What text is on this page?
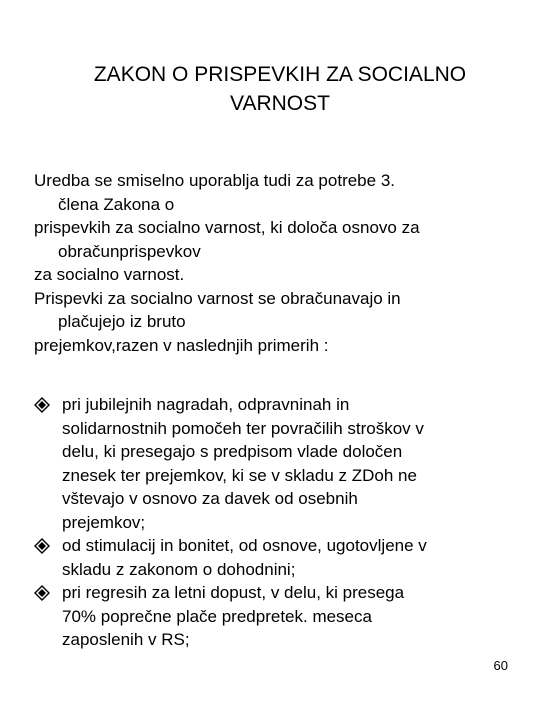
ZAKON O PRISPEVKIH ZA SOCIALNO
VARNOST
Uredba se smiselno uporablja tudi za potrebe 3.
člena Zakona o
prispevkih za socialno varnost, ki določa osnovo za
obračunprispevkov
za socialno varnost.
Prispevki za socialno varnost se obračunavajo in
plačujejo iz bruto
prejemkov,razen v naslednjih primerih :
pri jubilejnih nagradah, odpravninah in
solidarnostnih pomočeh ter povračilih stroškov v
delu, ki presegajo s predpisom vlade določen
znesek ter prejemkov, ki se v skladu z ZDoh ne
vštevajo v osnovo za davek od osebnih
prejemkov;
od stimulacij in bonitet, od osnove, ugotovljene v
skladu z zakonom o dohodnini;
pri regresih za letni dopust, v delu, ki presega
70% poprečne plače predpretek. meseca
zaposlenih v RS;
60
